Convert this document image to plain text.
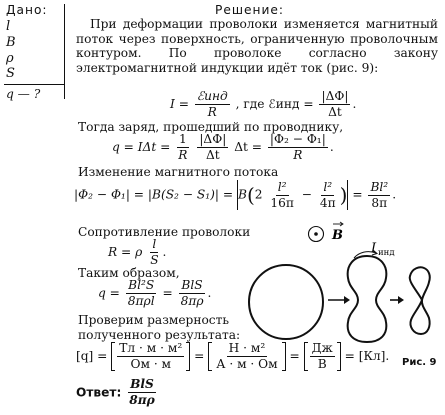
Дано:
l
B
ρ
S
q — ?
Решение:
При деформации проволоки изменяется магнитный поток через поверхность, ограниченную проволочным контуром. По проволоке согласно закону электромагнитной индукции идёт ток (рис. 9):
$I = \frac{\text{ℰинд}}{R}$ , где ℰинд = $\frac{|\Delta\Phi|}{\Delta t}$ .
Тогда заряд, прошедший по проводнику,
$q = I\Delta t = \frac{1}{R}$
$\frac{|\Delta\Phi|}{\Delta t}$ $\Delta t = \frac{\text{|Φ₂ − Φ₁|}}{R}$ .
Изменение магнитного потока
$|\Phi_2 - \Phi_1| = |B(S_2 - S_1)| = B(2 \frac{\text{l²}}{16\pi} - \frac{\text{l²}}{4\pi}$ ) = $\frac{\text{Bl²}}{8\pi}$ .
Сопротивление проволоки
R = ρ $\frac{l}{S}$ .
Таким образом,
$q = \frac{\text{Bl²S}}{\text{8πρl}} = \frac{\text{BlS}}{8\pi\rho}$ .
Проверим размерность полученного результата:
$[q] = \frac{\text{Тл · м · м²}}{Ом \cdot м} = \frac{\text{Н · м²}}{А \cdot м \cdot Ом} = \frac{Дж}{В} = [Кл]$.
Ответ: $\frac{\text{BlS}}{8\pi\rho}$
B
I инд
Рис. 9
